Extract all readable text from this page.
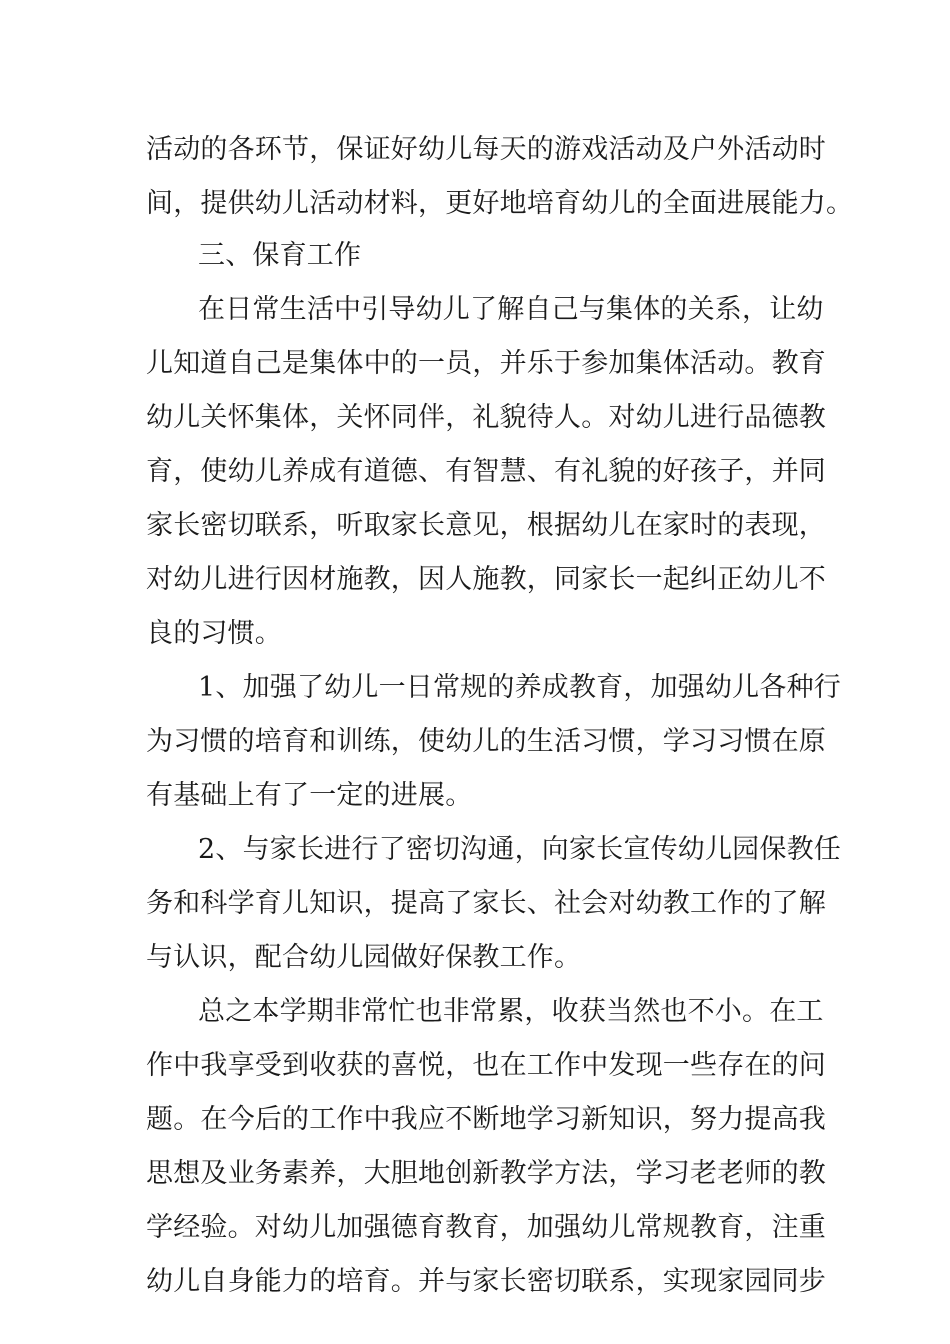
活动的各环节，保证好幼儿每天的游戏活动及户外活动时
间，提供幼儿活动材料，更好地培育幼儿的全面进展能力。
三、保育工作
在日常生活中引导幼儿了解自己与集体的关系，让幼
儿知道自己是集体中的一员，并乐于参加集体活动。教育
幼儿关怀集体，关怀同伴，礼貌待人。对幼儿进行品德教
育，使幼儿养成有道德、有智慧、有礼貌的好孩子，并同
家长密切联系，听取家长意见，根据幼儿在家时的表现，
对幼儿进行因材施教，因人施教，同家长一起纠正幼儿不
良的习惯。
1、加强了幼儿一日常规的养成教育，加强幼儿各种行
为习惯的培育和训练，使幼儿的生活习惯，学习习惯在原
有基础上有了一定的进展。
2、与家长进行了密切沟通，向家长宣传幼儿园保教任
务和科学育儿知识，提高了家长、社会对幼教工作的了解
与认识，配合幼儿园做好保教工作。
总之本学期非常忙也非常累，收获当然也不小。在工
作中我享受到收获的喜悦，也在工作中发现一些存在的问
题。在今后的工作中我应不断地学习新知识，努力提高我
思想及业务素养，大胆地创新教学方法，学习老老师的教
学经验。对幼儿加强德育教育，加强幼儿常规教育，注重
幼儿自身能力的培育。并与家长密切联系，实现家园同步
